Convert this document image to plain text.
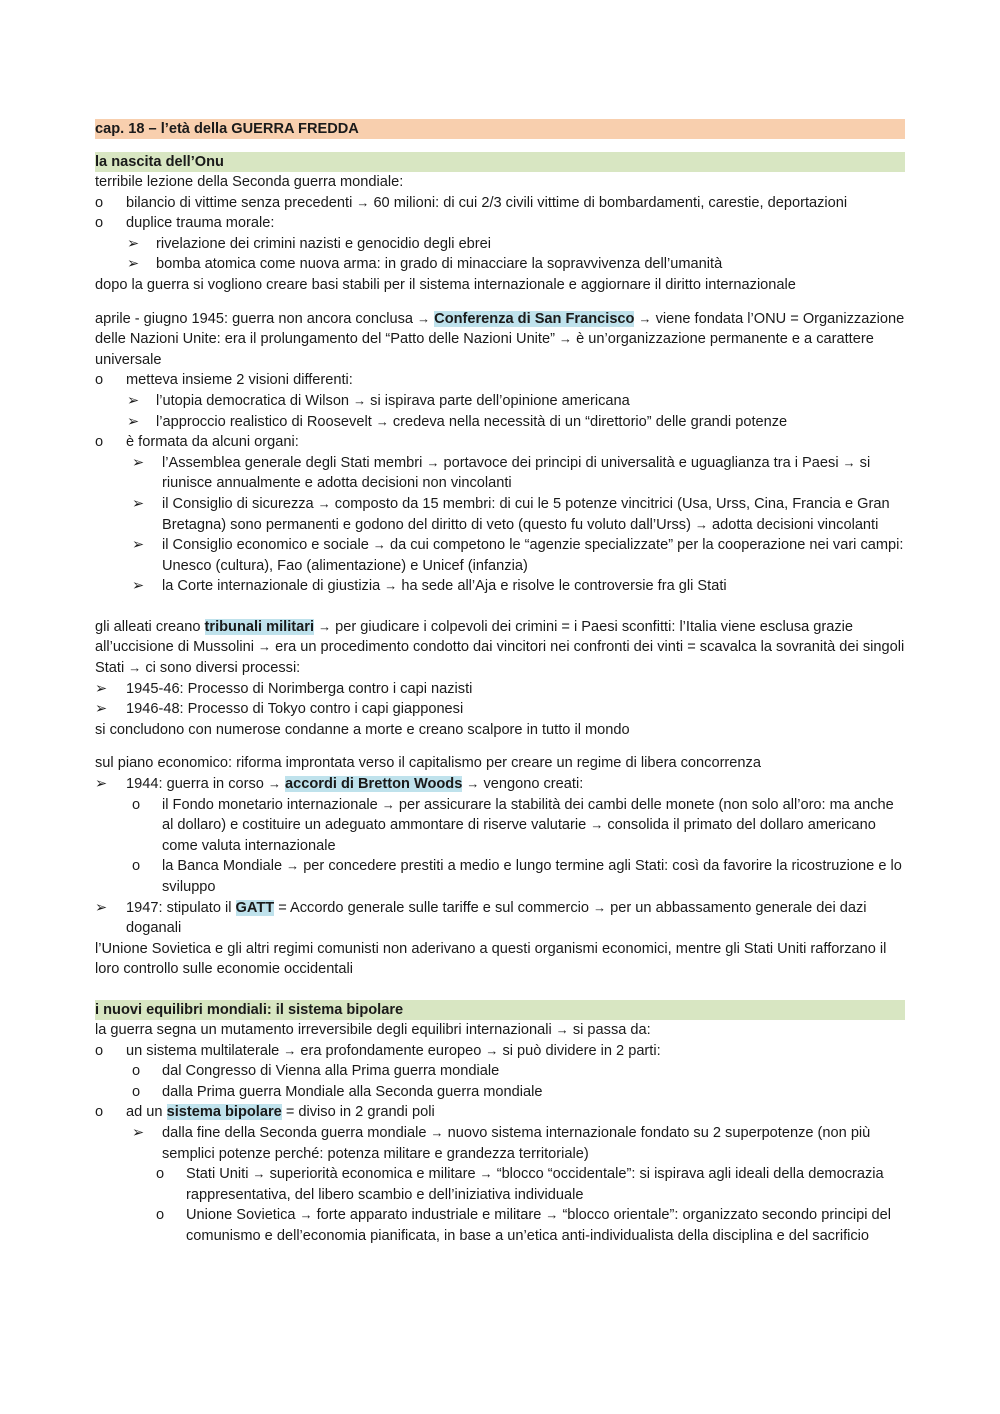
cap. 18 – l’età della GUERRA FREDDA
la nascita dell’Onu
terribile lezione della Seconda guerra mondiale:
o bilancio di vittime senza precedenti → 60 milioni: di cui 2/3 civili vittime di bombardamenti, carestie, deportazioni
o duplice trauma morale:
➢ rivelazione dei crimini nazisti e genocidio degli ebrei
➢ bomba atomica come nuova arma: in grado di minacciare la sopravvivenza dell’umanità
dopo la guerra si vogliono creare basi stabili per il sistema internazionale e aggiornare il diritto internazionale
aprile - giugno 1945: guerra non ancora conclusa → Conferenza di San Francisco → viene fondata l’ONU = Organizzazione delle Nazioni Unite: era il prolungamento del “Patto delle Nazioni Unite” → è un’organizzazione permanente e a carattere universale
o metteva insieme 2 visioni differenti:
➢ l’utopia democratica di Wilson → si ispirava parte dell’opinione americana
➢ l’approccio realistico di Roosevelt → credeva nella necessità di un “direttorio” delle grandi potenze
o è formata da alcuni organi:
➢ l’Assemblea generale degli Stati membri → portavoce dei principi di universalità e uguaglianza tra i Paesi → si riunisce annualmente e adotta decisioni non vincolanti
➢ il Consiglio di sicurezza → composto da 15 membri: di cui le 5 potenze vincitrici (Usa, Urss, Cina, Francia e Gran Bretagna) sono permanenti e godono del diritto di veto (questo fu voluto dall’Urss) → adotta decisioni vincolanti
➢ il Consiglio economico e sociale → da cui competono le “agenzie specializzate” per la cooperazione nei vari campi: Unesco (cultura), Fao (alimentazione) e Unicef (infanzia)
➢ la Corte internazionale di giustizia → ha sede all’Aja e risolve le controversie fra gli Stati
gli alleati creano tribunali militari → per giudicare i colpevoli dei crimini = i Paesi sconfitti: l’Italia viene esclusa grazie all’uccisione di Mussolini → era un procedimento condotto dai vincitori nei confronti dei vinti = scavalca la sovranità dei singoli Stati → ci sono diversi processi:
➢ 1945-46: Processo di Norimberga contro i capi nazisti
➢ 1946-48: Processo di Tokyo contro i capi giapponesi
si concludono con numerose condanne a morte e creano scalpore in tutto il mondo
sul piano economico: riforma improntata verso il capitalismo per creare un regime di libera concorrenza
➢ 1944: guerra in corso → accordi di Bretton Woods → vengono creati:
o il Fondo monetario internazionale → per assicurare la stabilità dei cambi delle monete (non solo all’oro: ma anche al dollaro) e costituire un adeguato ammontare di riserve valutarie → consolida il primato del dollaro americano come valuta internazionale
o la Banca Mondiale → per concedere prestiti a medio e lungo termine agli Stati: così da favorire la ricostruzione e lo sviluppo
➢ 1947: stipulato il GATT = Accordo generale sulle tariffe e sul commercio → per un abbassamento generale dei dazi doganali
l’Unione Sovietica e gli altri regimi comunisti non aderivano a questi organismi economici, mentre gli Stati Uniti rafforzano il loro controllo sulle economie occidentali
i nuovi equilibri mondiali: il sistema bipolare
la guerra segna un mutamento irreversibile degli equilibri internazionali → si passa da:
o un sistema multilaterale → era profondamente europeo → si può dividere in 2 parti:
o dal Congresso di Vienna alla Prima guerra mondiale
o dalla Prima guerra Mondiale alla Seconda guerra mondiale
o ad un sistema bipolare = diviso in 2 grandi poli
➢ dalla fine della Seconda guerra mondiale → nuovo sistema internazionale fondato su 2 superpotenze (non più semplici potenze perché: potenza militare e grandezza territoriale)
o Stati Uniti → superiorità economica e militare → “blocco “occidentale”: si ispirava agli ideali della democrazia rappresentativa, del libero scambio e dell’iniziativa individuale
o Unione Sovietica → forte apparato industriale e militare → “blocco orientale”: organizzato secondo principi del comunismo e dell’economia pianificata, in base a un’etica anti-individualista della disciplina e del sacrificio
